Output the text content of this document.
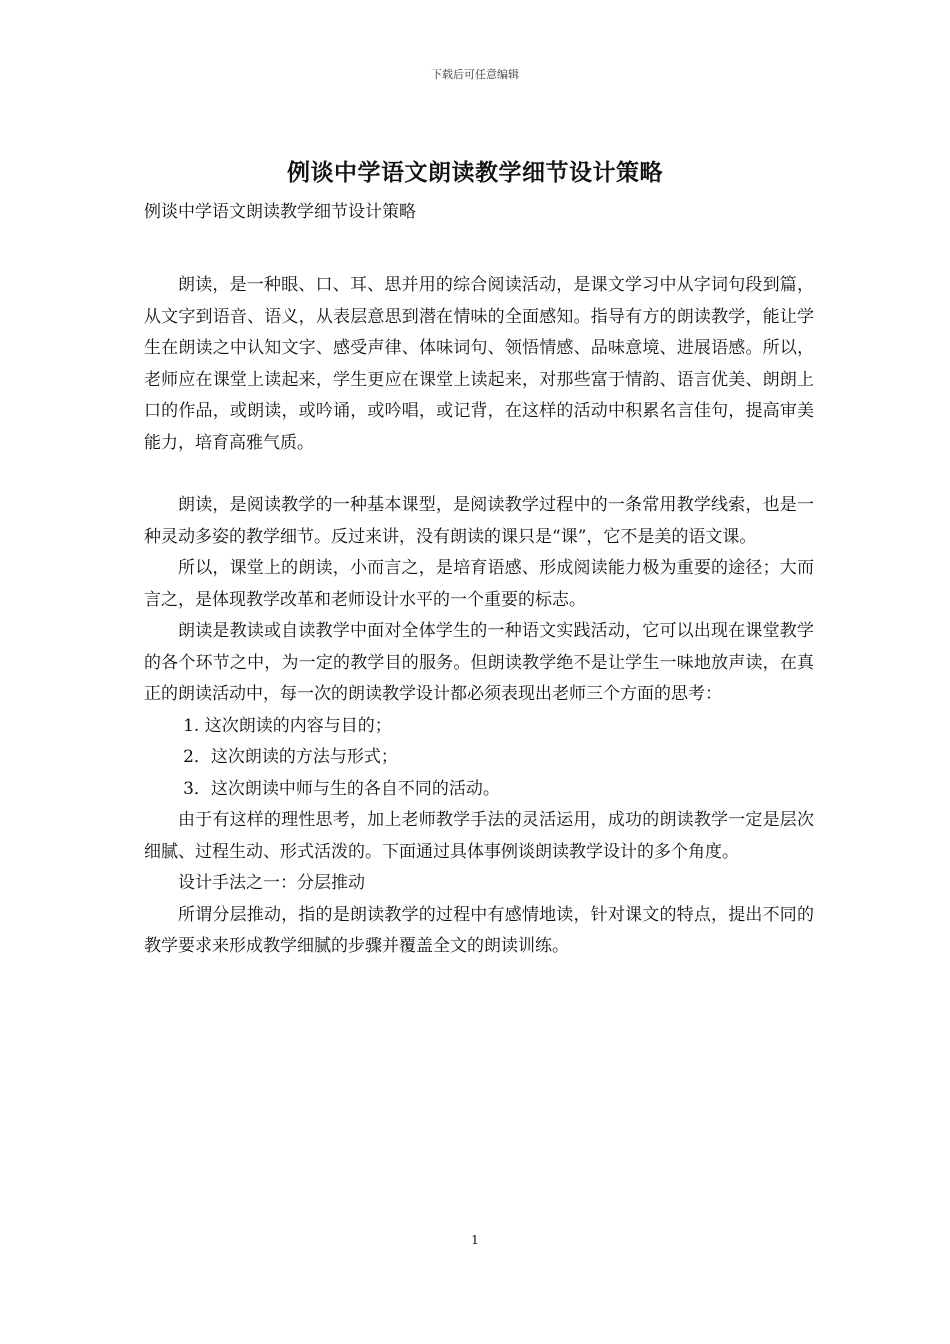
下载后可任意编辑
例谈中学语文朗读教学细节设计策略
例谈中学语文朗读教学细节设计策略

朗读，是一种眼、口、耳、思并用的综合阅读活动，是课文学习中从字词句段到篇，从文字到语音、语义，从表层意思到潜在情味的全面感知。指导有方的朗读教学，能让学生在朗读之中认知文字、感受声律、体味词句、领悟情感、品味意境、进展语感。所以，老师应在课堂上读起来，学生更应在课堂上读起来，对那些富于情韵、语言优美、朗朗上口的作品，或朗读，或吟诵，或吟唱，或记背，在这样的活动中积累名言佳句，提高审美能力，培育高雅气质。

朗读，是阅读教学的一种基本课型，是阅读教学过程中的一条常用教学线索，也是一种灵动多姿的教学细节。反过来讲，没有朗读的课只是“课”，它不是美的语文课。

所以，课堂上的朗读，小而言之，是培育语感、形成阅读能力极为重要的途径；大而言之，是体现教学改革和老师设计水平的一个重要的标志。

朗读是教读或自读教学中面对全体学生的一种语文实践活动，它可以出现在课堂教学的各个环节之中，为一定的教学目的服务。但朗读教学绝不是让学生一味地放声读，在真正的朗读活动中，每一次的朗读教学设计都必须表现出老师三个方面的思考：

1. 这次朗读的内容与目的；

2．这次朗读的方法与形式；

3．这次朗读中师与生的各自不同的活动。

由于有这样的理性思考，加上老师教学手法的灵活运用，成功的朗读教学一定是层次细腻、过程生动、形式活泼的。下面通过具体事例谈朗读教学设计的多个角度。

设计手法之一：分层推动

所谓分层推动，指的是朗读教学的过程中有感情地读，针对课文的特点，提出不同的教学要求来形成教学细腻的步骤并覆盖全文的朗读训练。

1
